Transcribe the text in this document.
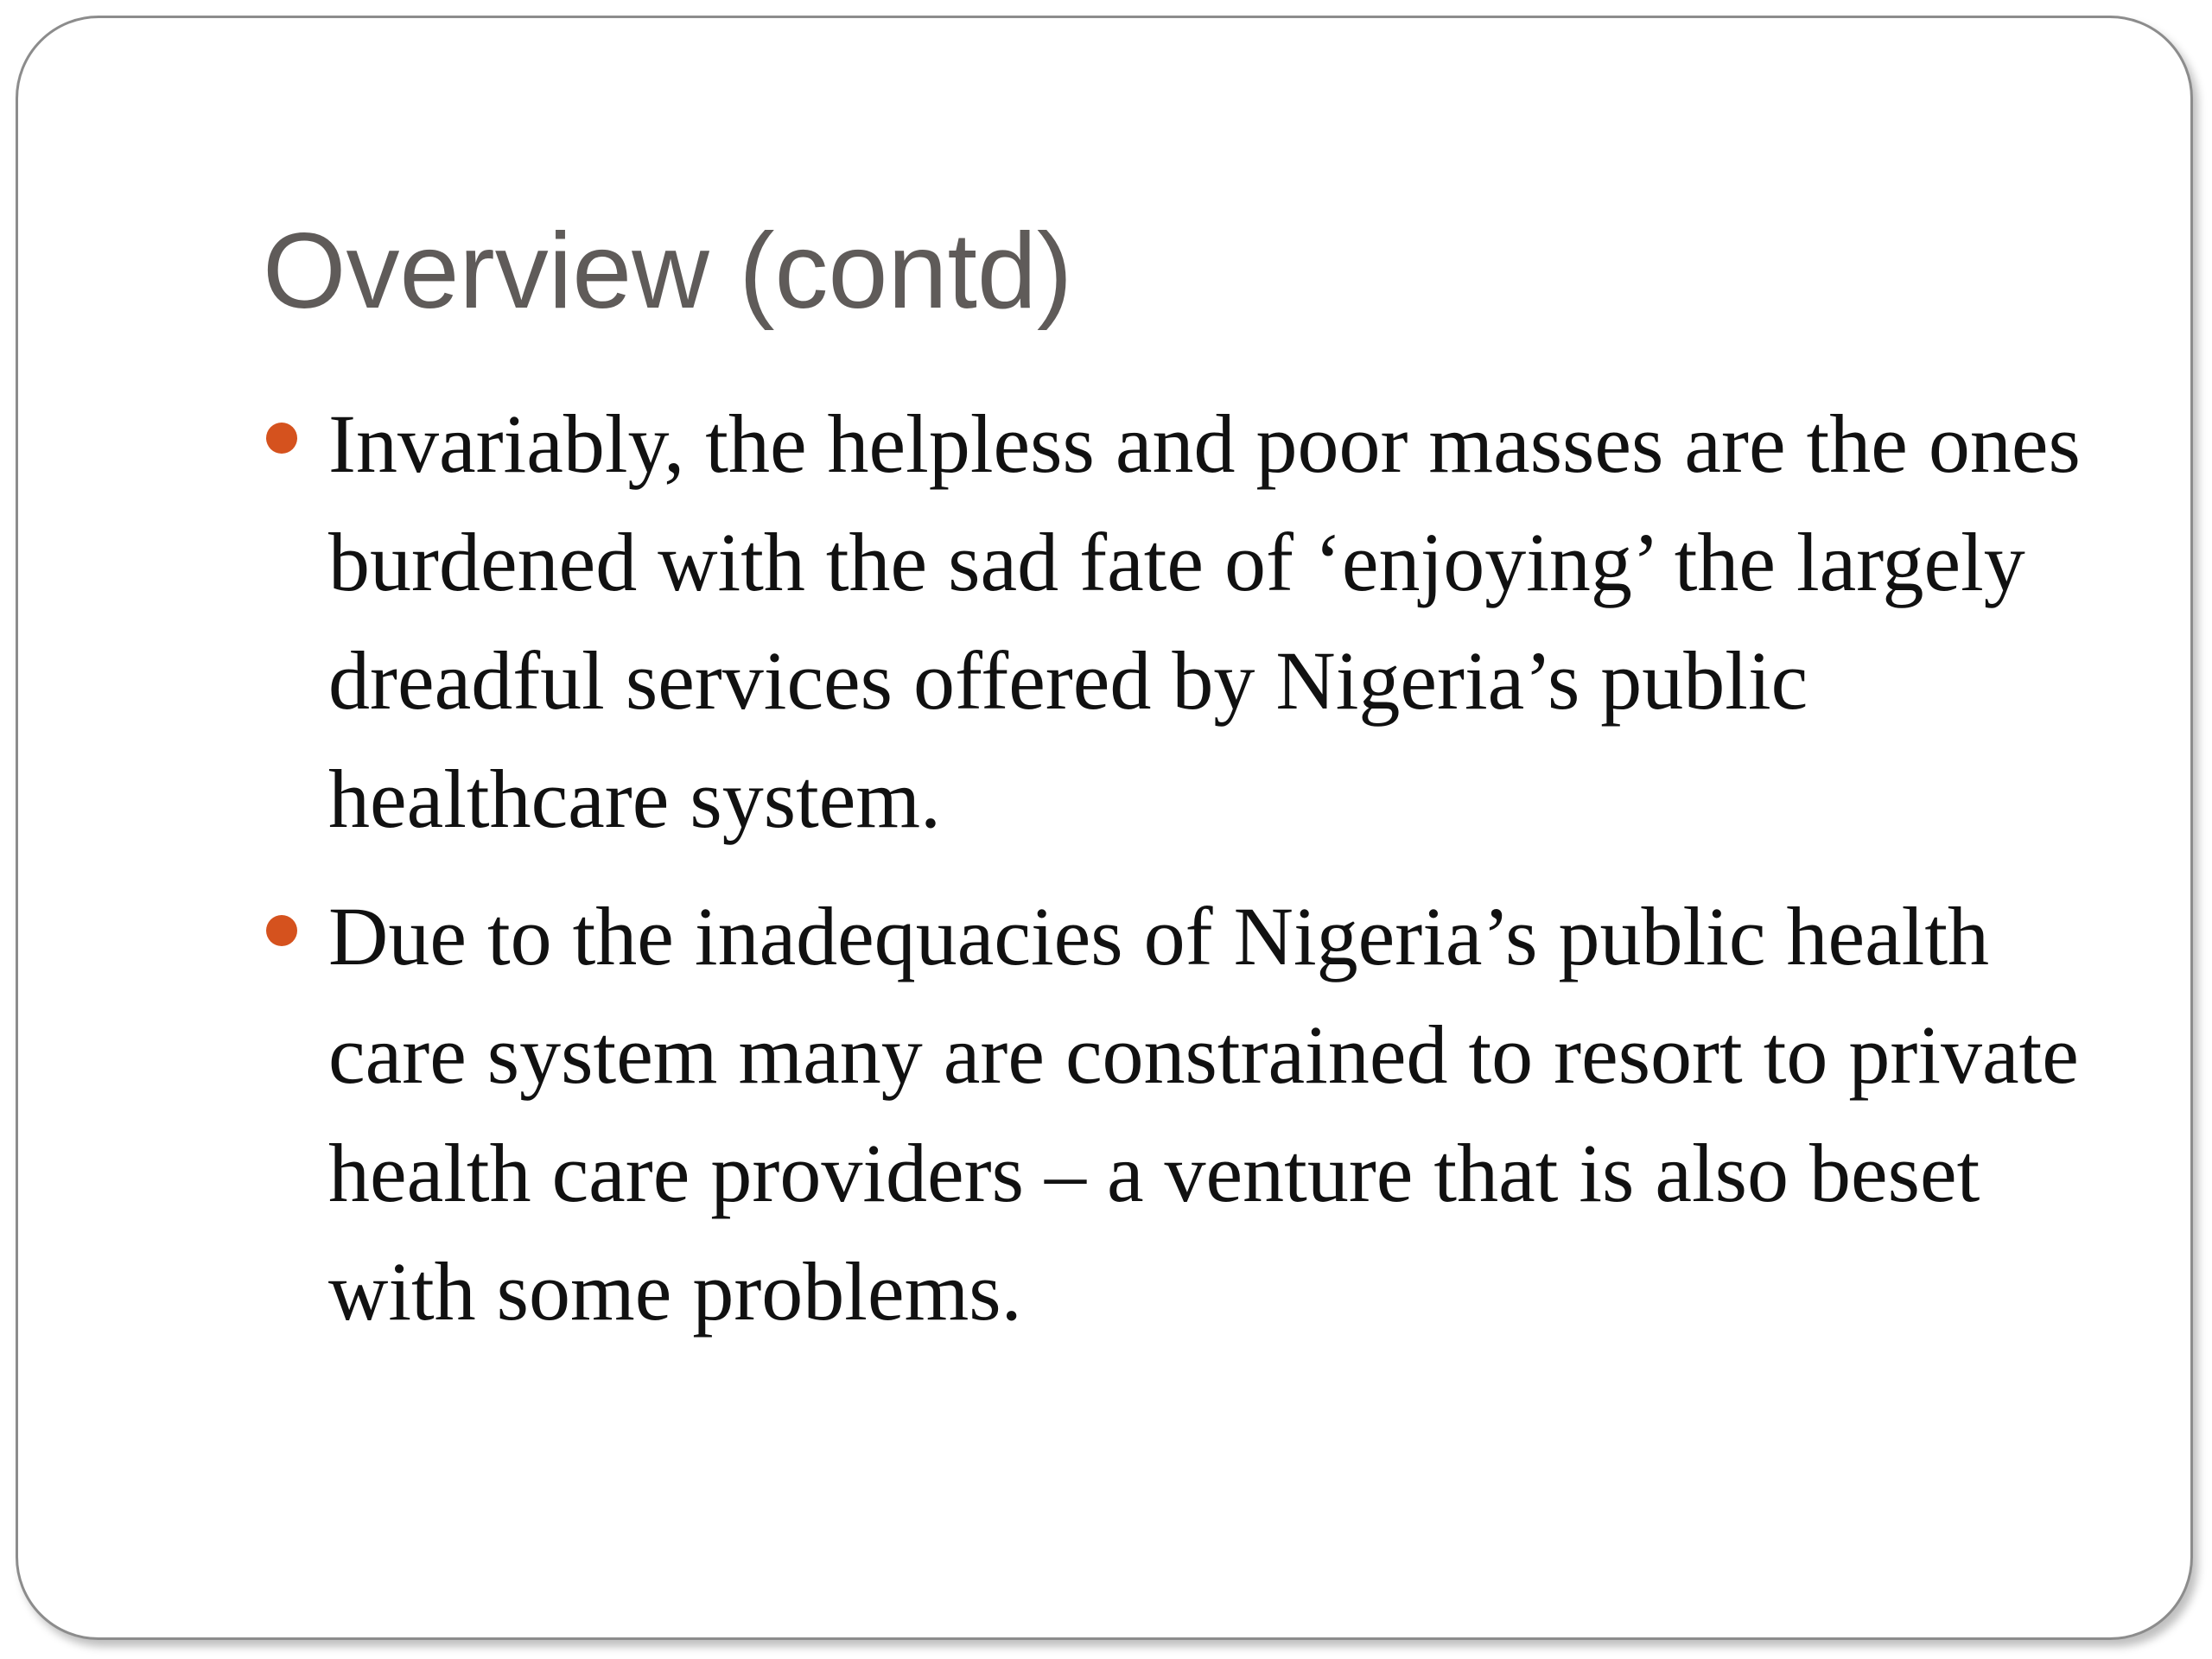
Overview (contd)
Invariably, the helpless and poor masses are the ones burdened with the sad fate of ‘enjoying’ the largely dreadful services offered by Nigeria’s public healthcare system.
Due to the inadequacies of Nigeria’s public health care system many are constrained to resort to private health care providers – a venture that is also beset with some problems.
